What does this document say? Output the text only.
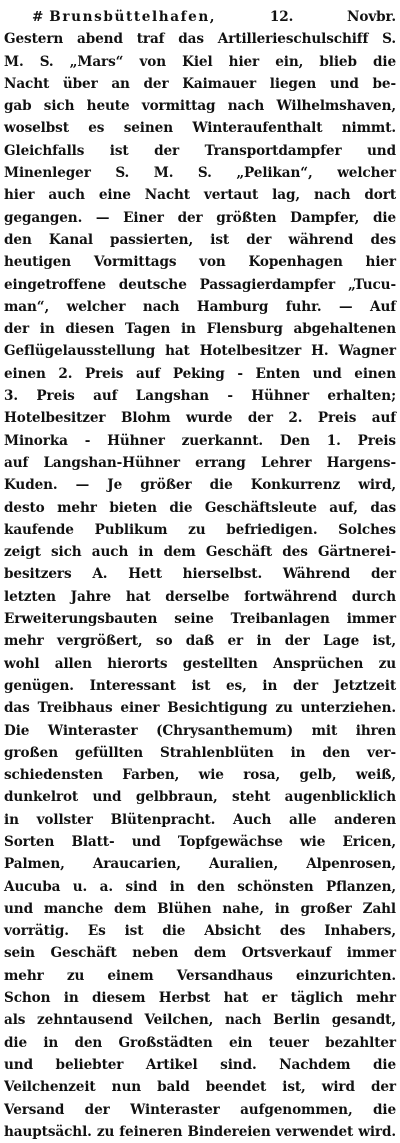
# Brunsbüttelhafen,	12. Novbr.
Gestern abend traf das Artillerieschulschiff S.
M. S. „Mars“ von Kiel hier ein, blieb die
Nacht über an der Kaimauer liegen und be-
gab sich heute vormittag nach Wilhelmshaven,
woselbst es seinen Winteraufenthalt nimmt.
Gleichfalls ist der Transportdampfer und
Minenleger S. M. S. „Pelikan“, welcher
hier auch eine Nacht vertaut lag, nach dort
gegangen. — Einer der größten Dampfer, die
den Kanal passierten, ist der während des
heutigen Vormittags von Kopenhagen hier
eingetroffene deutsche Passagierdampfer „Tucu-
man“, welcher nach Hamburg fuhr. — Auf
der in diesen Tagen in Flensburg abgehaltenen
Geflügelausstellung hat Hotelbesitzer H. Wagner
einen 2. Preis auf Peking - Enten und einen
3. Preis auf Langshan - Hühner erhalten;
Hotelbesitzer Blohm wurde der 2. Preis auf
Minorka - Hühner zuerkannt. Den 1. Preis
auf Langshan-Hühner errang Lehrer Hargens-
Kuden. — Je größer die Konkurrenz wird,
desto mehr bieten die Geschäftsleute auf, das
kaufende Publikum zu befriedigen. Solches
zeigt sich auch in dem Geschäft des Gärtnerei-
besitzers A. Hett hierselbst. Während der
letzten Jahre hat derselbe fortwährend durch
Erweiterungsbauten seine Treibanlagen immer
mehr vergrößert, so daß er in der Lage ist,
wohl allen hierorts gestellten Ansprüchen zu
genügen. Interessant ist es, in der Jetztzeit
das Treibhaus einer Besichtigung zu unterziehen.
Die Winteraster (Chrysanthemum) mit ihren
großen gefüllten Strahlenblüten in den ver-
schiedensten Farben, wie rosa, gelb, weiß,
dunkelrot und gelbbraun, steht augenblicklich
in vollster Blütenpracht. Auch alle anderen
Sorten Blatt- und Topfgewächse wie Ericen,
Palmen, Araucarien, Auralien, Alpenrosen,
Aucuba u. a. sind in den schönsten Pflanzen,
und manche dem Blühen nahe, in großer Zahl
vorrätig. Es ist die Absicht des Inhabers,
sein Geschäft neben dem Ortsverkauf immer
mehr zu einem Versandhaus einzurichten.
Schon in diesem Herbst hat er täglich mehr
als zehntausend Veilchen, nach Berlin gesandt,
die in den Großstädten ein teuer bezahlter
und beliebter Artikel sind. Nachdem die
Veilchenzeit nun bald beendet ist, wird der
Versand der Winteraster aufgenommen, die
hauptsächl. zu feineren Bindereien verwendet wird.
